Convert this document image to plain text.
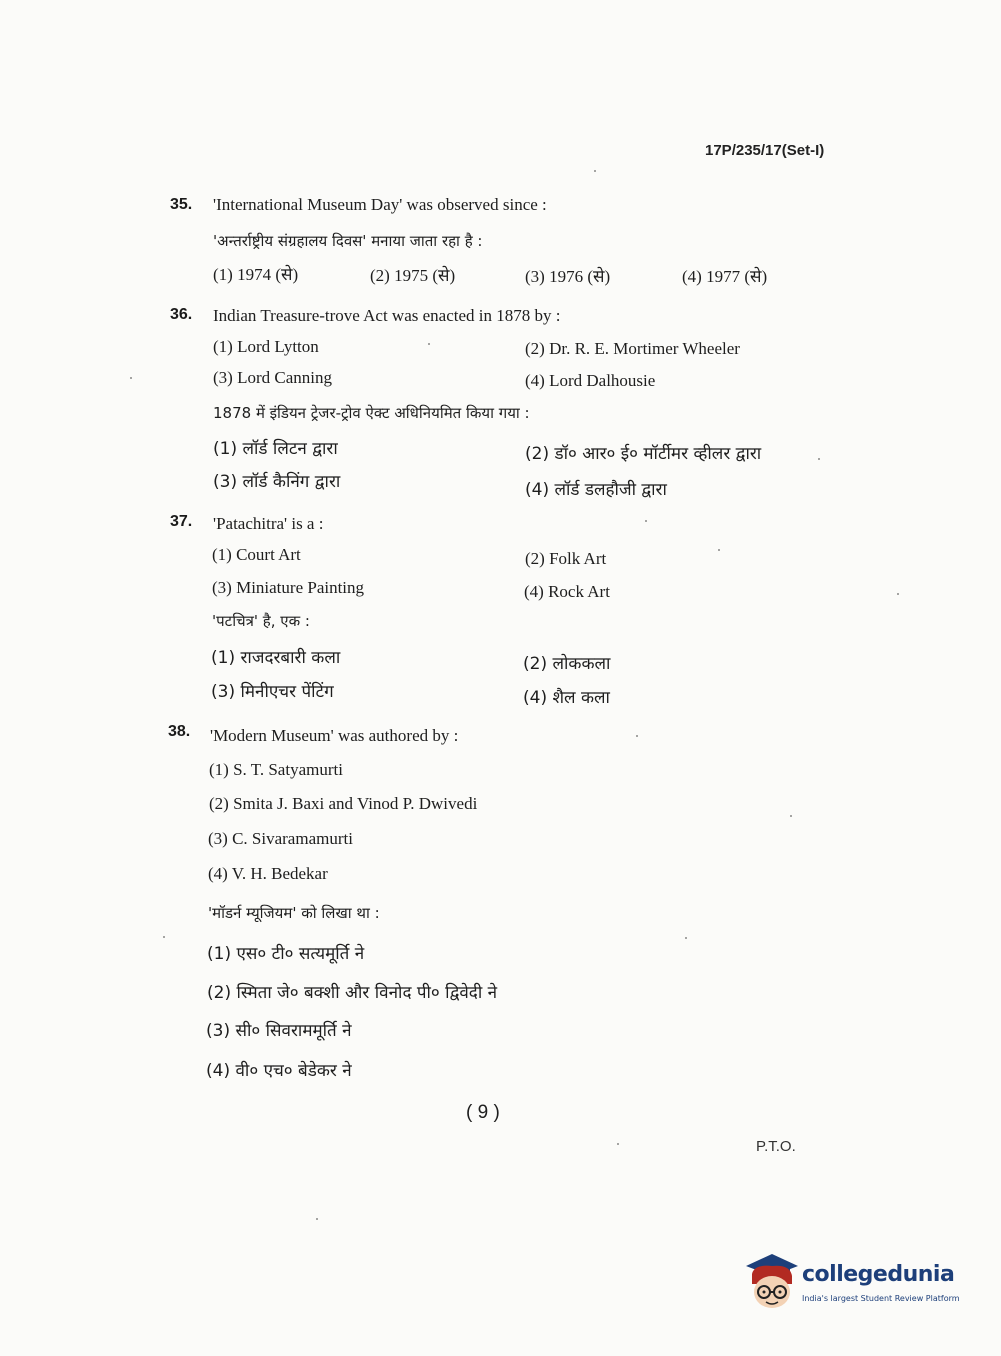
17P/235/17(Set-I)
35. 'International Museum Day' was observed since :
'अन्तर्राष्ट्रीय संग्रहालय दिवस' मनाया जाता रहा है :
(1) 1974 (से)	(2) 1975 (से)	(3) 1976 (से)	(4) 1977 (से)
36. Indian Treasure-trove Act was enacted in 1878 by :
(1) Lord Lytton	(2) Dr. R. E. Mortimer Wheeler
(3) Lord Canning	(4) Lord Dalhousie
1878 में इंडियन ट्रेजर-ट्रोव ऐक्ट अधिनियमित किया गया :
(1) लॉर्ड लिटन द्वारा	(2) डॉ० आर० ई० मॉर्टीमर व्हीलर द्वारा
(3) लॉर्ड कैनिंग द्वारा	(4) लॉर्ड डलहौजी द्वारा
37. 'Patachitra' is a :
(1) Court Art	(2) Folk Art
(3) Miniature Painting	(4) Rock Art
'पटचित्र' है, एक :
(1) राजदरबारी कला	(2) लोककला
(3) मिनीएचर पेंटिंग	(4) शैल कला
38. 'Modern Museum' was authored by :
(1) S. T. Satyamurti
(2) Smita J. Baxi and Vinod P. Dwivedi
(3) C. Sivaramamurti
(4) V. H. Bedekar
'मॉडर्न म्यूजियम' को लिखा था :
(1) एस० टी० सत्यमूर्ति ने
(2) स्मिता जे० बक्शी और विनोद पी० द्विवेदी ने
(3) सी० सिवराममूर्ति ने
(4) वी० एच० बेडेकर ने
( 9 )
P.T.O.
collegedunia
India's largest Student Review Platform
